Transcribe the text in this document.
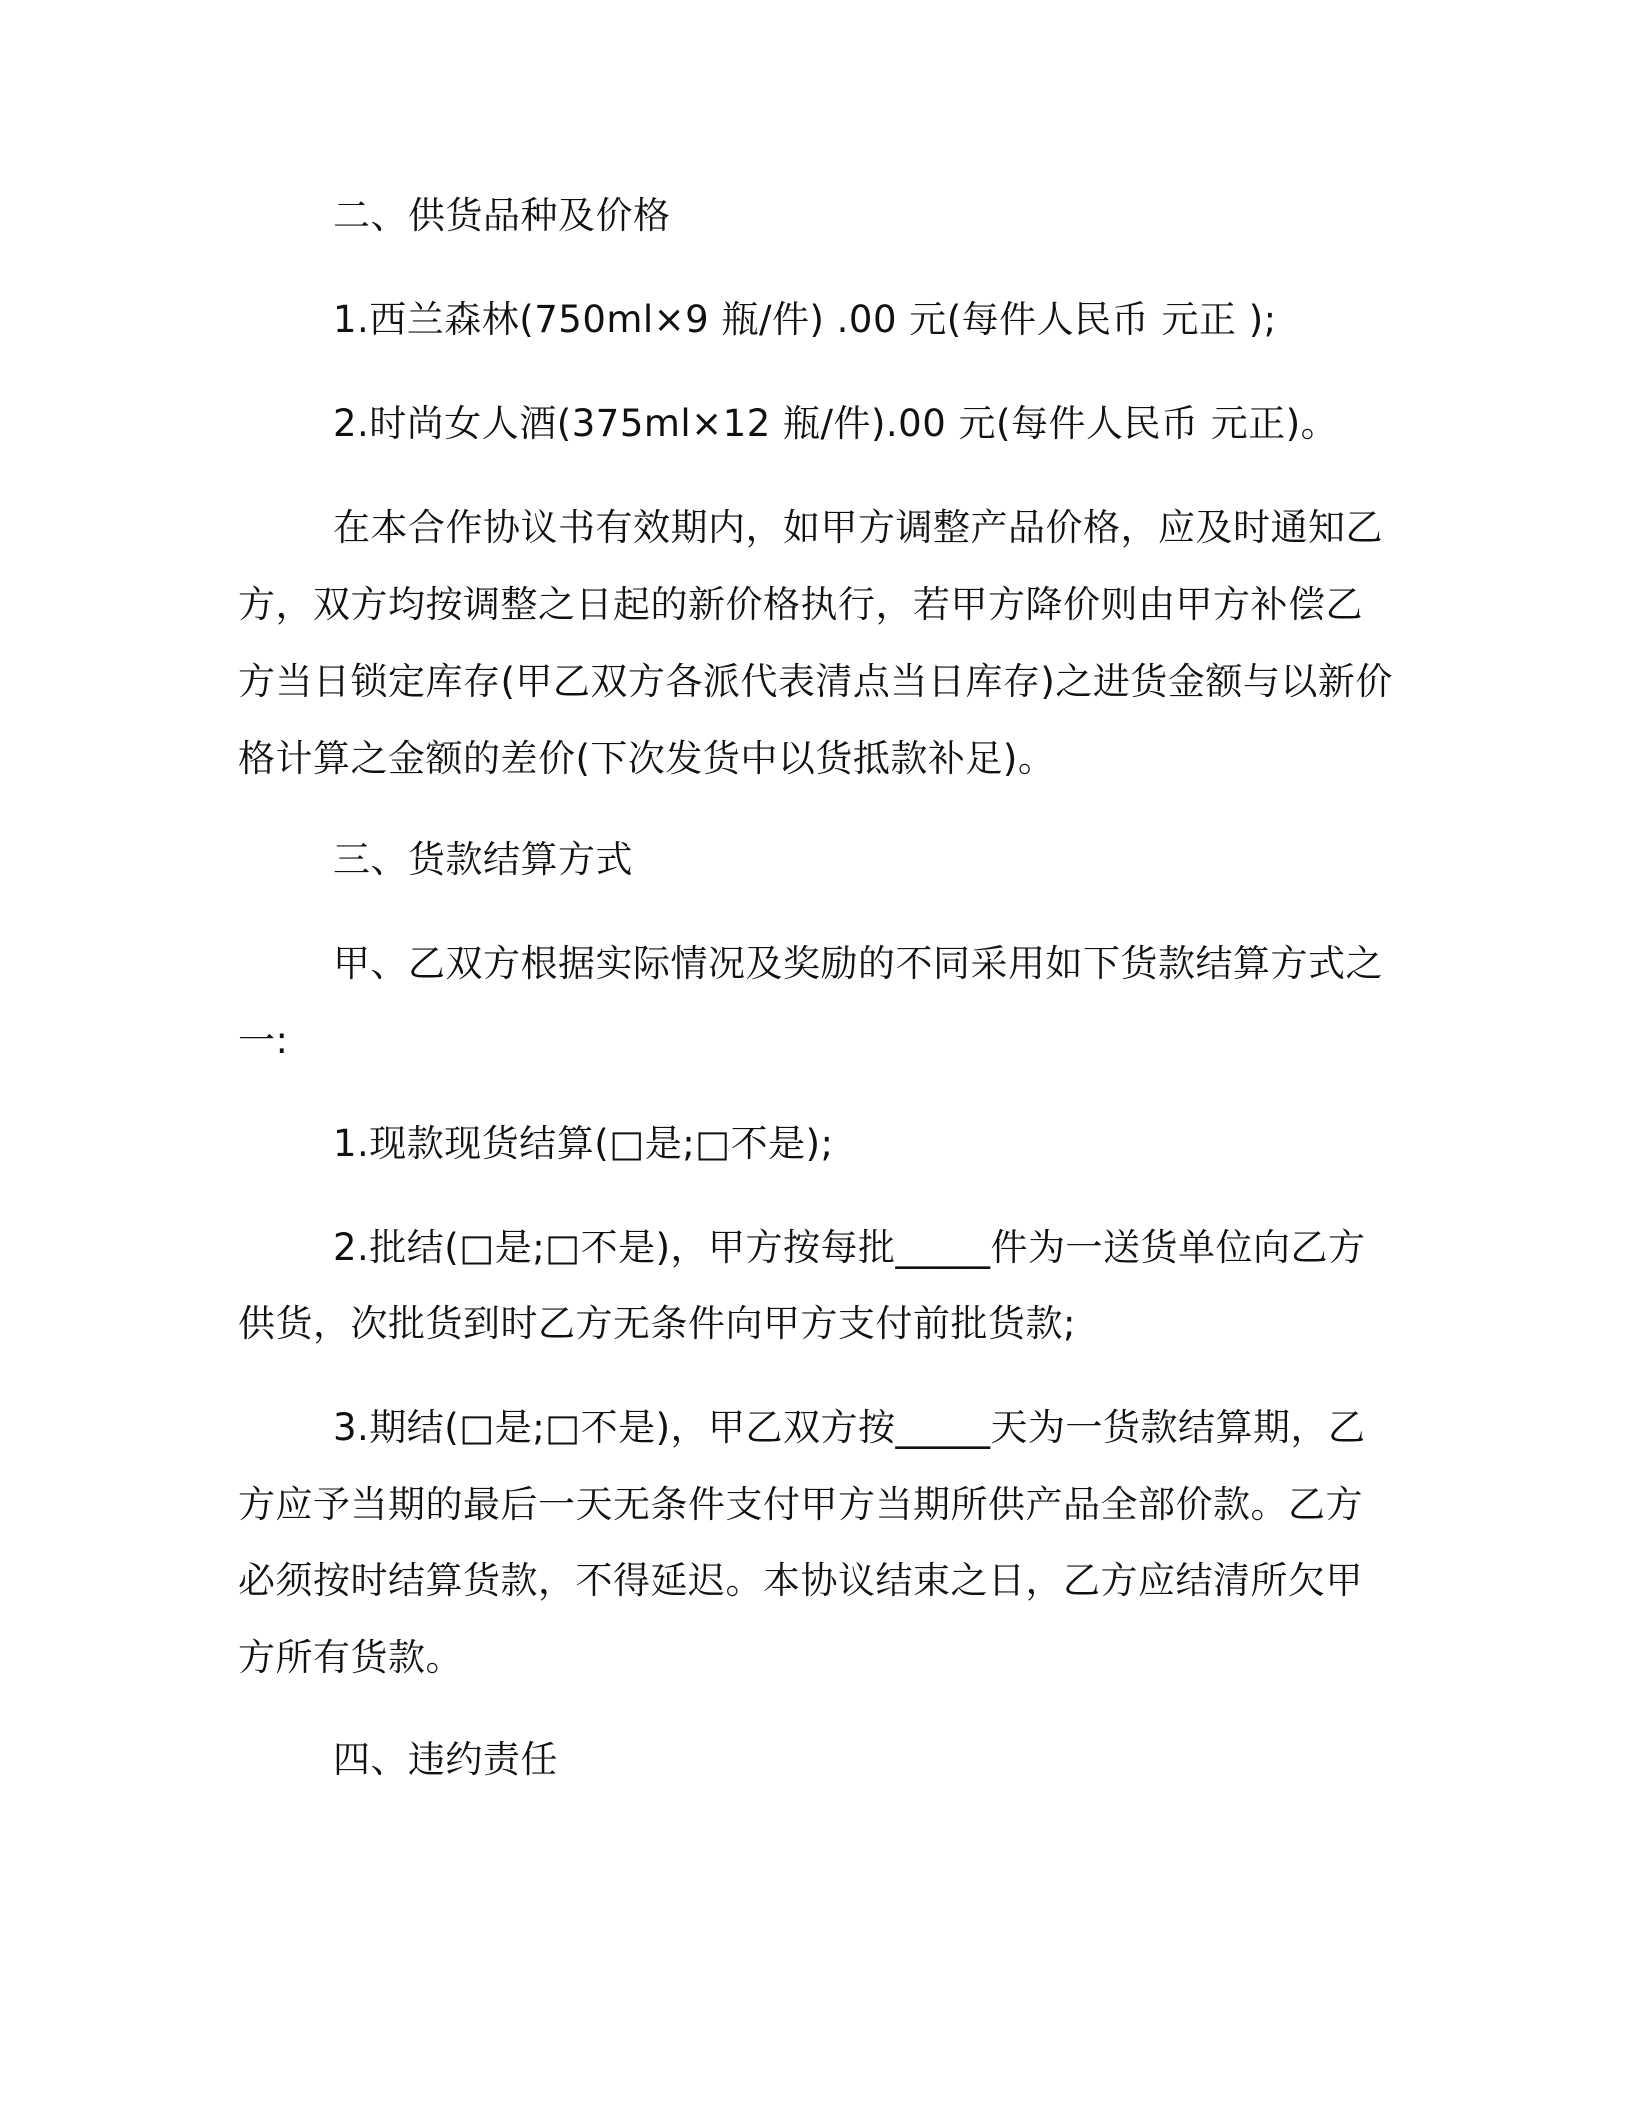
二、供货品种及价格
1.西兰森林(750ml×9 瓶/件) .00 元(每件人民币 元正 );
2.时尚女人酒(375ml×12 瓶/件).00 元(每件人民币 元正)。
在本合作协议书有效期内，如甲方调整产品价格，应及时通知乙
方，双方均按调整之日起的新价格执行，若甲方降价则由甲方补偿乙
方当日锁定库存(甲乙双方各派代表清点当日库存)之进货金额与以新价
格计算之金额的差价(下次发货中以货抵款补足)。
三、货款结算方式
甲、乙双方根据实际情况及奖励的不同采用如下货款结算方式之
一:
1.现款现货结算(□是;□不是);
2.批结(□是;□不是)，甲方按每批_____件为一送货单位向乙方
供货，次批货到时乙方无条件向甲方支付前批货款;
3.期结(□是;□不是)，甲乙双方按_____天为一货款结算期，乙
方应予当期的最后一天无条件支付甲方当期所供产品全部价款。乙方
必须按时结算货款，不得延迟。本协议结束之日，乙方应结清所欠甲
方所有货款。
四、违约责任
